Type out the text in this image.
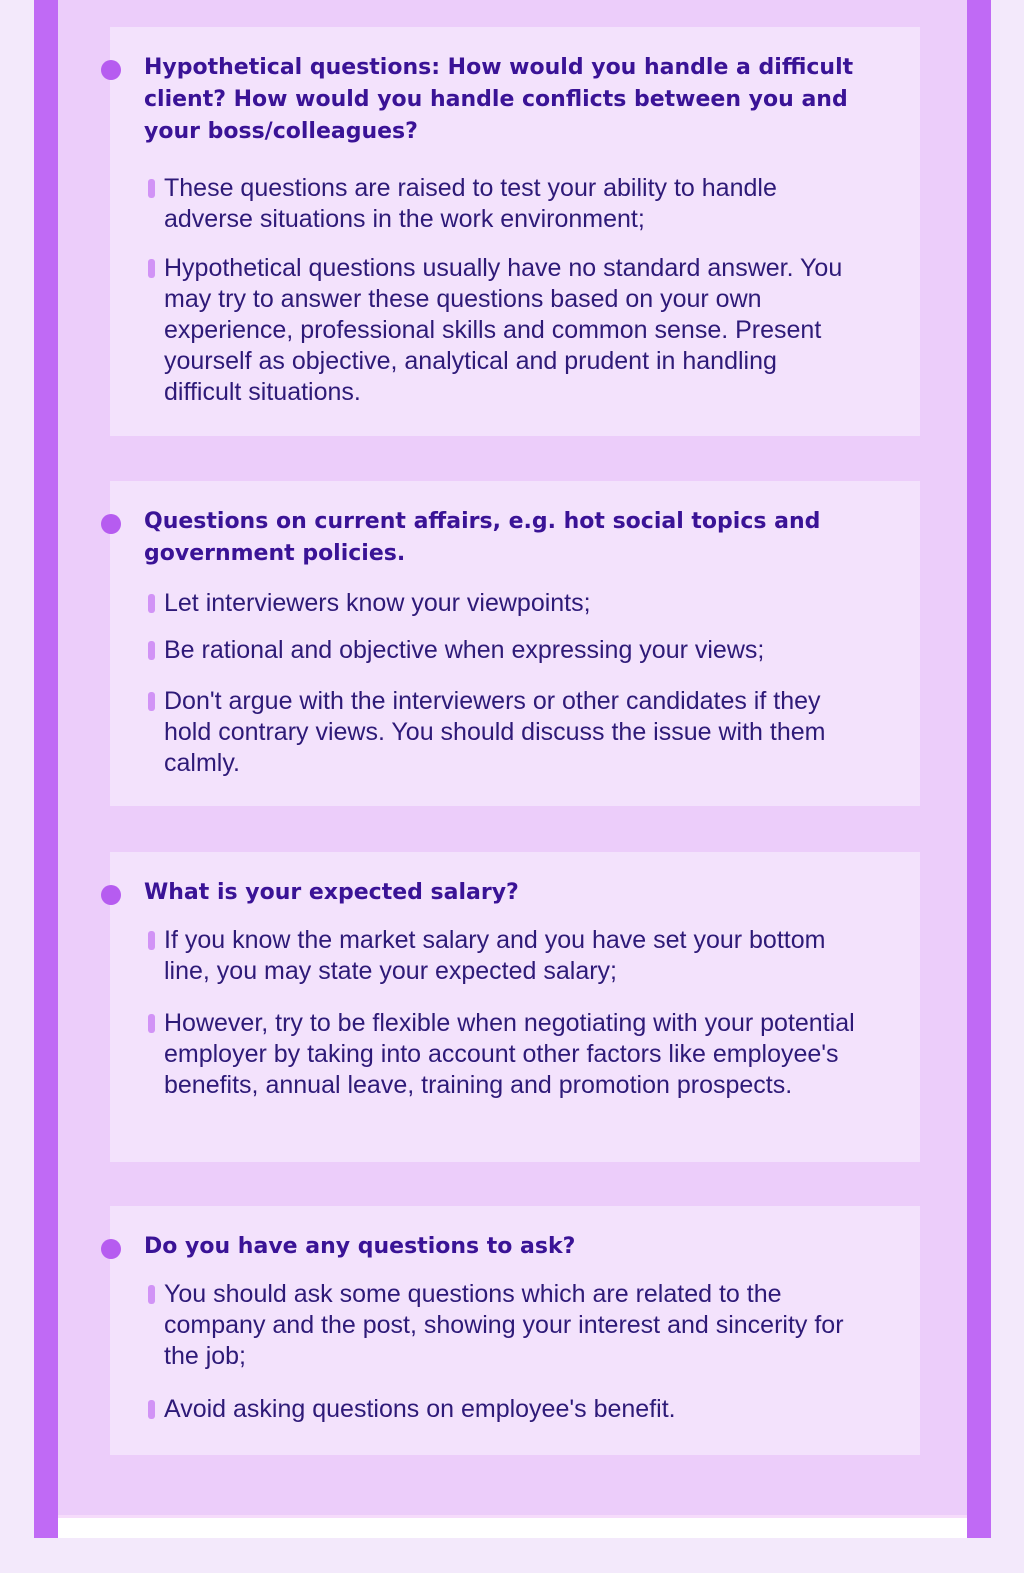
Hypothetical questions: How would you handle a difficult client? How would you handle conflicts between you and your boss/colleagues?
These questions are raised to test your ability to handle adverse situations in the work environment;
Hypothetical questions usually have no standard answer. You may try to answer these questions based on your own experience, professional skills and common sense. Present yourself as objective, analytical and prudent in handling difficult situations.
Questions on current affairs, e.g. hot social topics and government policies.
Let interviewers know your viewpoints;
Be rational and objective when expressing your views;
Don't argue with the interviewers or other candidates if they hold contrary views. You should discuss the issue with them calmly.
What is your expected salary?
If you know the market salary and you have set your bottom line, you may state your expected salary;
However, try to be flexible when negotiating with your potential employer by taking into account other factors like employee's benefits, annual leave, training and promotion prospects.
Do you have any questions to ask?
You should ask some questions which are related to the company and the post, showing your interest and sincerity for the job;
Avoid asking questions on employee's benefit.
